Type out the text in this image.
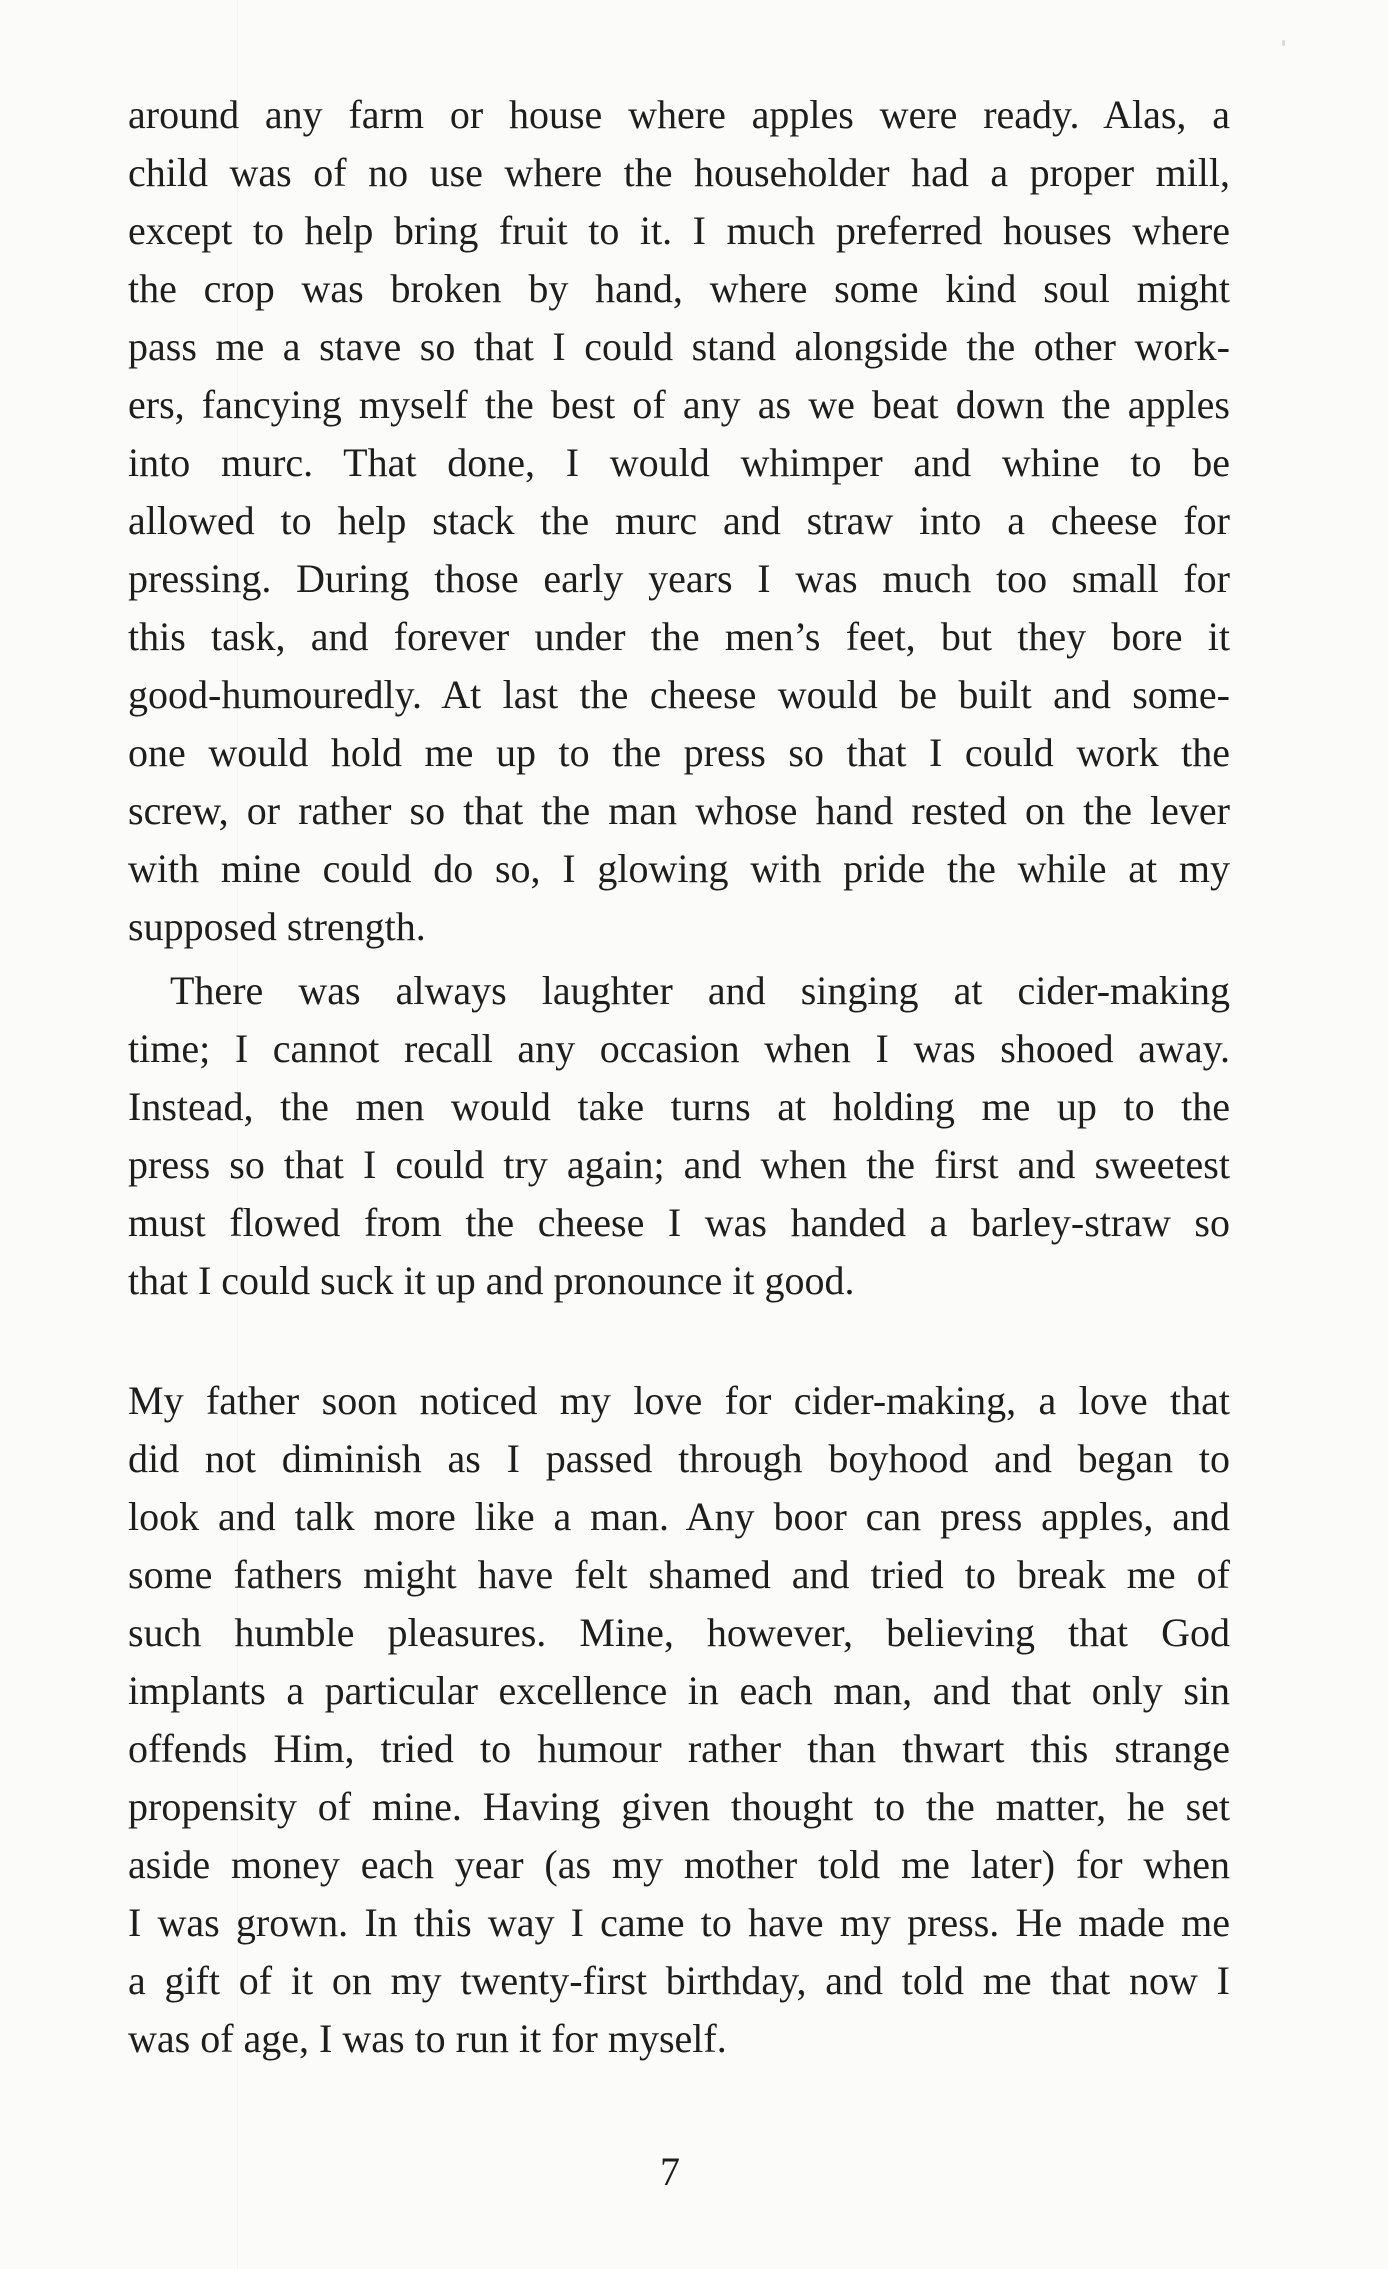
around any farm or house where apples were ready. Alas, a
child was of no use where the householder had a proper mill,
except to help bring fruit to it. I much preferred houses where
the crop was broken by hand, where some kind soul might
pass me a stave so that I could stand alongside the other work-
ers, fancying myself the best of any as we beat down the apples
into murc. That done, I would whimper and whine to be
allowed to help stack the murc and straw into a cheese for
pressing. During those early years I was much too small for
this task, and forever under the men’s feet, but they bore it
good-humouredly. At last the cheese would be built and some-
one would hold me up to the press so that I could work the
screw, or rather so that the man whose hand rested on the lever
with mine could do so, I glowing with pride the while at my
supposed strength.

There was always laughter and singing at cider-making
time; I cannot recall any occasion when I was shooed away.
Instead, the men would take turns at holding me up to the
press so that I could try again; and when the first and sweetest
must flowed from the cheese I was handed a barley-straw so
that I could suck it up and pronounce it good.

My father soon noticed my love for cider-making, a love that
did not diminish as I passed through boyhood and began to
look and talk more like a man. Any boor can press apples, and
some fathers might have felt shamed and tried to break me of
such humble pleasures. Mine, however, believing that God
implants a particular excellence in each man, and that only sin
offends Him, tried to humour rather than thwart this strange
propensity of mine. Having given thought to the matter, he set
aside money each year (as my mother told me later) for when
I was grown. In this way I came to have my press. He made me
a gift of it on my twenty-first birthday, and told me that now I
was of age, I was to run it for myself.

7
